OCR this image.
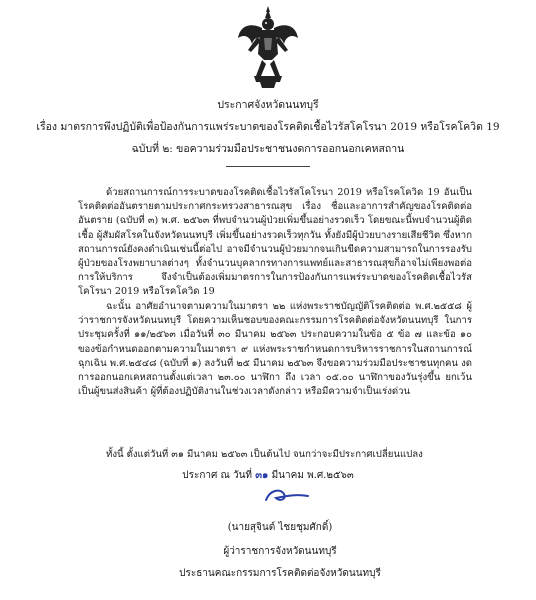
ประกาศจังหวัดนนทบุรี
เรื่อง มาตรการพึงปฏิบัติเพื่อป้องกันการแพร่ระบาดของโรคติดเชื้อไวรัสโคโรนา 2019 หรือโรคโควิด 19
ฉบับที่ ๒: ขอความร่วมมือประชาชนงดการออกนอกเคหสถาน

ด้วยสถานการณ์การระบาดของโรคติดเชื้อไวรัสโคโรนา 2019 หรือโรคโควิด 19 อันเป็นโรคติดต่ออันตรายตามประกาศกระทรวงสาธารณสุข เรื่อง ชื่อและอาการสำคัญของโรคติดต่ออันตราย (ฉบับที่ ๓) พ.ศ. ๒๕๖๓ ที่พบจำนวนผู้ป่วยเพิ่มขึ้นอย่างรวดเร็ว โดยขณะนี้พบจำนวนผู้ติดเชื้อ ผู้สัมผัสโรคในจังหวัดนนทบุรี เพิ่มขึ้นอย่างรวดเร็วทุกวัน ทั้งยังมีผู้ป่วยบางรายเสียชีวิต ซึ่งหากสถานการณ์ยังคงดำเนินเช่นนี้ต่อไป อาจมีจำนวนผู้ป่วยมากจนเกินขีดความสามารถในการรองรับผู้ป่วยของโรงพยาบาลต่างๆ ทั้งจำนวนบุคลากรทางการแพทย์และสาธารณสุขก็อาจไม่เพียงพอต่อการให้บริการ จึงจำเป็นต้องเพิ่มมาตรการในการป้องกันการแพร่ระบาดของโรคติดเชื้อไวรัสโคโรนา 2019 หรือโรคโควิด 19

ฉะนั้น อาศัยอำนาจตามความในมาตรา ๒๒ แห่งพระราชบัญญัติโรคติดต่อ พ.ศ.๒๕๕๘ ผู้ว่าราชการจังหวัดนนทบุรี โดยความเห็นชอบของคณะกรรมการโรคติดต่อจังหวัดนนทบุรี ในการประชุมครั้งที่ ๑๑/๒๕๖๓ เมื่อวันที่ ๓๐ มีนาคม ๒๕๖๓ ประกอบความในข้อ ๕ ข้อ ๗ และข้อ ๑๐ ของข้อกำหนดออกตามความในมาตรา ๙ แห่งพระราชกำหนดการบริหารราชการในสถานการณ์ฉุกเฉิน พ.ศ.๒๕๔๘ (ฉบับที่ ๑) ลงวันที่ ๒๕ มีนาคม ๒๕๖๓ จึงขอความร่วมมือประชาชนทุกคน งดการออกนอกเคหสถานตั้งแต่เวลา ๒๓.๐๐ นาฬิกา ถึง เวลา ๐๕.๐๐ นาฬิกาของวันรุ่งขึ้น ยกเว้น เป็นผู้ขนส่งสินค้า ผู้ที่ต้องปฏิบัติงานในช่วงเวลาดังกล่าว หรือมีความจำเป็นเร่งด่วน

ทั้งนี้ ตั้งแต่วันที่ ๓๑ มีนาคม ๒๕๖๓ เป็นต้นไป จนกว่าจะมีประกาศเปลี่ยนแปลง

ประกาศ ณ วันที่ ๓๑ มีนาคม พ.ศ.๒๕๖๓
(นายสุจินต์ ไชยชุมศักดิ์)
ผู้ว่าราชการจังหวัดนนทบุรี
ประธานคณะกรรมการโรคติดต่อจังหวัดนนทบุรี
